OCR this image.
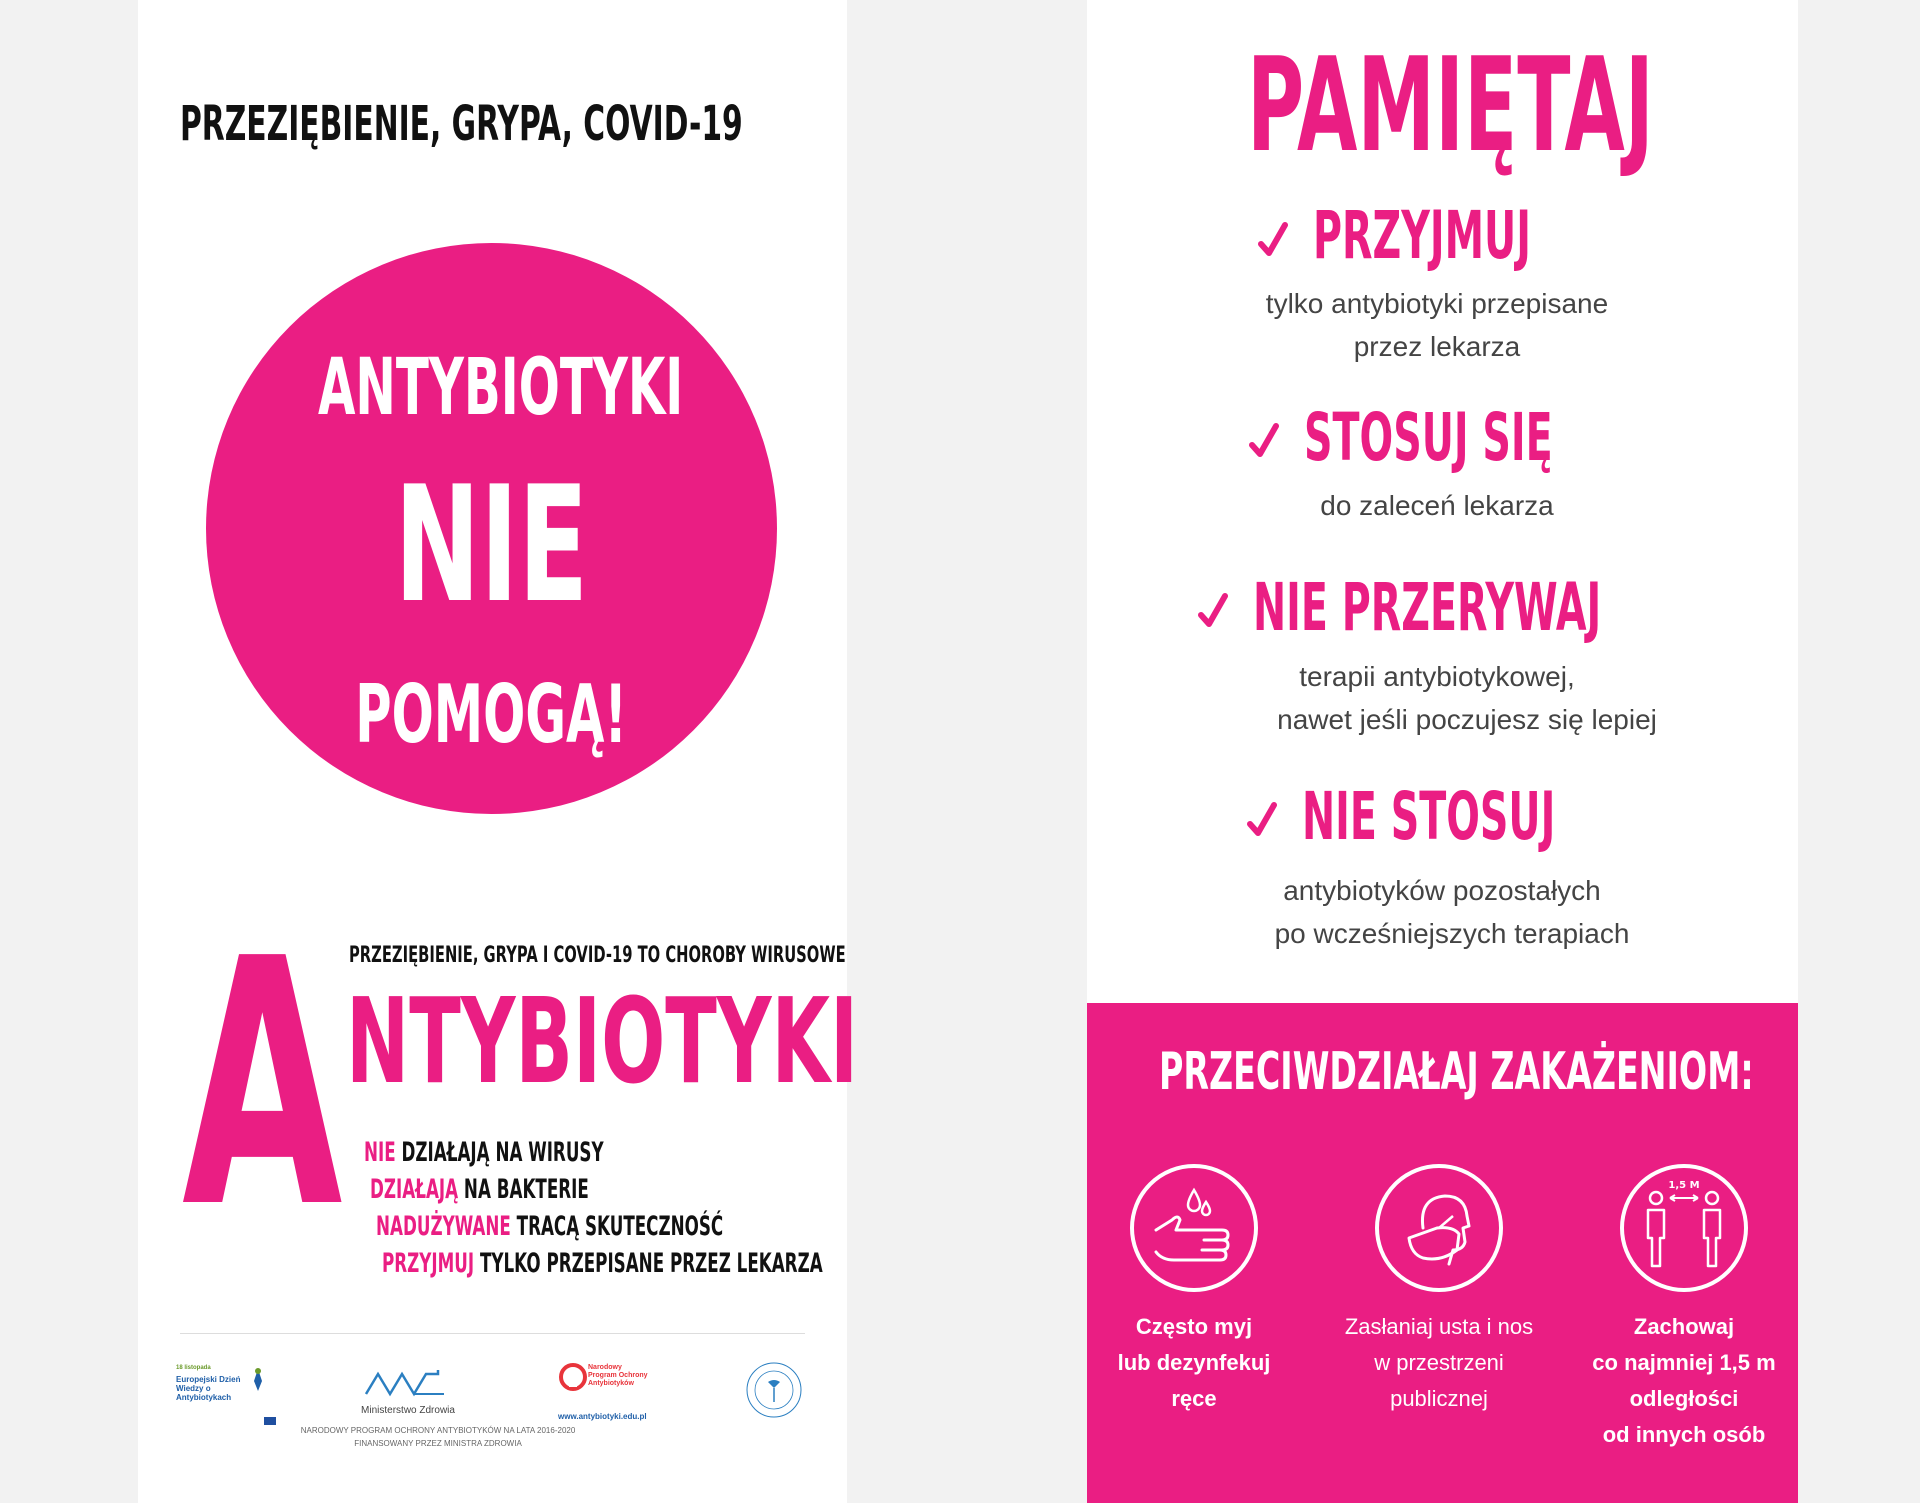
PRZEZIĘBIENIE, GRYPA, COVID-19
ANTYBIOTYKI
NIE
POMOGĄ!
PRZEZIĘBIENIE, GRYPA I COVID-19 TO CHOROBY WIRUSOWE
A NTYBIOTYKI
NIE DZIAŁAJĄ NA WIRUSY
DZIAŁAJĄ NA BAKTERIE
NADUŻYWANE TRACĄ SKUTECZNOŚĆ
PRZYJMUJ TYLKO PRZEPISANE PRZEZ LEKARZA
18 listopada
Europejski Dzień Wiedzy o Antybiotykach
Ministerstwo Zdrowia
Narodowy Program Ochrony Antybiotyków
www.antybiotyki.edu.pl
NARODOWY PROGRAM OCHRONY ANTYBIOTYKÓW NA LATA 2016-2020
FINANSOWANY PRZEZ MINISTRA ZDROWIA
PAMIĘTAJ
PRZYJMUJ
tylko antybiotyki przepisane
przez lekarza
STOSUJ SIĘ
do zaleceń lekarza
NIE PRZERYWAJ
terapii antybiotykowej,
nawet jeśli poczujesz się lepiej
NIE STOSUJ
antybiotyków pozostałych
po wcześniejszych terapiach
PRZECIWDZIAŁAJ ZAKAŻENIOM:
Często myj
lub dezynfekuj
ręce
Zasłaniaj usta i nos
w przestrzeni
publicznej
1,5 M
Zachowaj
co najmniej 1,5 m
odległości
od innych osób
